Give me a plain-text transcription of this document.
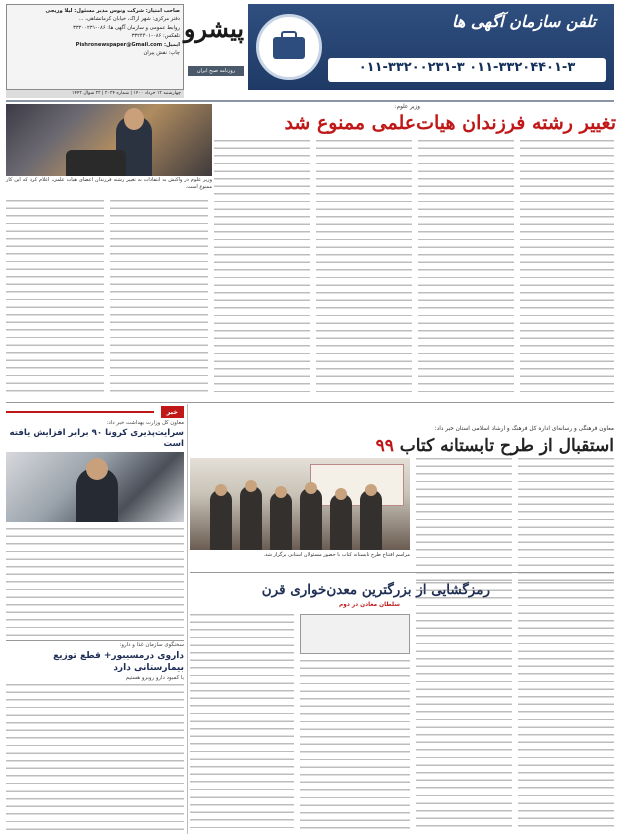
صاحب امتیاز: شرکت ونوس مدیر مسئول: لیلا وریجی
دفتر مرکزی: شهر اراک، خیابان کرمانشاهی، ...
روابط عمومی و سازمان آگهی ها: ۰۸۶-۳۳۲۰۰۲۳۱
تلفکس: ۰۸۶-۳۳۲۴۴۰۱
ایمیل: Pishronewspaper@Gmail.com
چاپ: نقش پیران
چهارشنبه ۱۲ خرداد ۱۴۰۰ | شماره ۲۰۲۴ | ۲۲ شوال ۱۴۴۲
پیشرو
روزنامه صبح ایران
تلفن سازمان آگهی ها
۰۱۱-۳۳۲۰۰۲۳۱-۳ ۰۱۱-۳۳۲۰۴۴۰۱-۳
وزیر علوم:
تغییر رشته فرزندان هیات‌علمی ممنوع شد
وزیر علوم در واکنش به انتقادات به تغییر رشته فرزندان اعضای هیات علمی، اعلام کرد که این کار ممنوع است.
خبر
معاون کل وزارت بهداشت خبر داد:
سرایت‌پذیری کرونا ۹۰ برابر افزایش یافته است
سخنگوی سازمان غذا و دارو:
داروی درمسیبور+ قطع توزیع بیمارستانی دارد
با کمبود دارو روبرو هستیم
معاون فرهنگی و رسانه‌ای اداره کل فرهنگ و ارشاد اسلامی استان خبر داد:
استقبال از طرح تابستانه کتاب ۹۹
مراسم افتتاح طرح تابستانه کتاب با حضور مسئولان استانی برگزار شد.
رمزگشایی از بزرگترین معدن‌خواری قرن
سلطان معادن در دوم
